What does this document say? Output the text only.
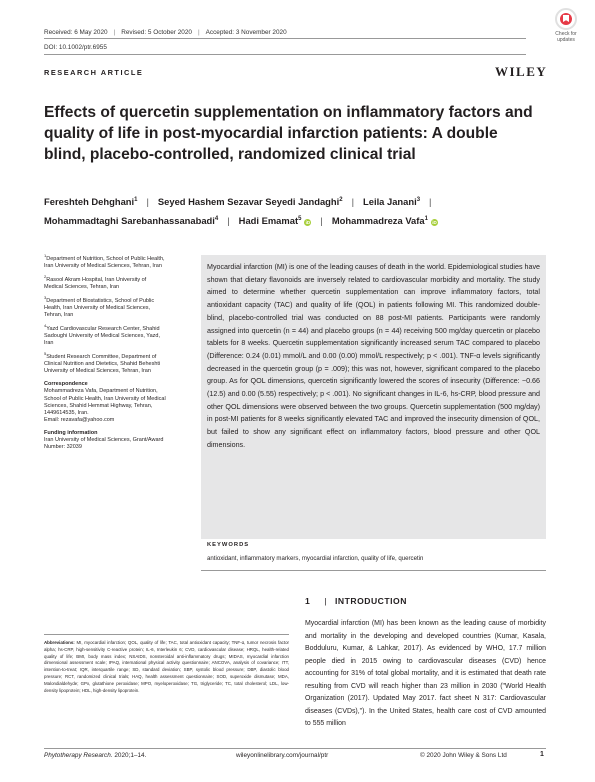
Received: 6 May 2020 | Revised: 5 October 2020 | Accepted: 3 November 2020
DOI: 10.1002/ptr.6955
Check for
updates
RESEARCH ARTICLE	WILEY
Effects of quercetin supplementation on inflammatory factors and quality of life in post-myocardial infarction patients: A double blind, placebo-controlled, randomized clinical trial
Fereshteh Dehghani$^1$ | Seyed Hashem Sezavar Seyedi Jandaghi$^2$ | Leila Janani$^3$ |
Mohammadtaghi Sarebanhassanabadi$^4$ | Hadi Emamat$^5$iD | Mohammadreza Vafa$^1$iD
$^1$Department of Nutrition, School of Public Health, Iran University of Medical Sciences, Tehran, Iran
$^2$Rasool Akram Hospital, Iran University of Medical Sciences, Tehran, Iran
$^3$Department of Biostatistics, School of Public Health, Iran University of Medical Sciences, Tehran, Iran
$^4$Yazd Cardiovascular Research Center, Shahid Sadoughi University of Medical Sciences, Yazd, Iran
$^5$Student Research Committee, Department of Clinical Nutrition and Dietetics, Shahid Beheshti University of Medical Sciences, Tehran, Iran
Correspondence
Mohammadreza Vafa, Department of Nutrition, School of Public Health, Iran University of Medical Sciences, Shahid Hemmat Highway, Tehran, 1449614535, Iran.
Email: rezavafa@yahoo.com
Funding information
Iran University of Medical Sciences, Grant/Award Number: 32039

Myocardial infarction (MI) is one of the leading causes of death in the world. Epidemiological studies have shown that dietary flavonoids are inversely related to cardiovascular morbidity and mortality. The study aimed to determine whether quercetin supplementation can improve inflammatory factors, total antioxidant capacity (TAC) and quality of life (QOL) in patients following MI. This randomized double-blind, placebo-controlled trial was conducted on 88 post-MI patients. Participants were randomly assigned into quercetin (n = 44) and placebo groups (n = 44) receiving 500 mg/day quercetin or placebo tablets for 8 weeks. Quercetin supplementation significantly increased serum TAC compared to placebo (Difference: 0.24 (0.01) mmol/L and 0.00 (0.00) mmol/L respectively; p < .001). TNF-α levels significantly decreased in the quercetin group (p = .009); this was not, however, significant compared to the placebo group. As for QOL dimensions, quercetin significantly lowered the scores of insecurity (Difference: −0.66 (12.5) and 0.00 (5.55) respectively; p < .001). No significant changes in IL-6, hs-CRP, blood pressure and other QOL dimensions were observed between the two groups. Quercetin supplementation (500 mg/day) in post-MI patients for 8 weeks significantly elevated TAC and improved the insecurity dimension of QOL, but failed to show any significant effect on inflammatory factors, blood pressure and other QOL dimensions.

KEYWORDS
antioxidant, inflammatory markers, myocardial infarction, quality of life, quercetin
1 | INTRODUCTION

Myocardial infarction (MI) has been known as the leading cause of morbidity and mortality in the developing and developed countries (Kumar, Kasala, Bodduluru, Kumar, & Lahkar, 2017). As evidenced by WHO, 17.7 million people died in 2015 owing to cardiovascular diseases (CVD) hence accounting for 31% of total global mortality, and it is estimated that death rate resulting from CVD will reach higher than 23 million in 2030 ("World Health Organization (2017). Updated May 2017. fact sheet N 317: Cardiovascular diseases (CVDs),"). In the United States, health care cost of CVD amounted to 555 million

Abbreviations: MI, myocardial infarction; QOL, quality of life; TAC, total antioxidant capacity; TNF-α, tumor necrosis factor alpha; hs-CRP, high-sensitivity C-reactive protein; IL-6, Interleukin 6; CVD, cardiovascular disease; HRQL, health-related quality of life; BMI, body mass index; NSAIDS, nonsteroidal anti-inflammatory drugs; MIDAS, myocardial infarction dimensional assessment scale; IPAQ, international physical activity questionnaire; ANCOVA, analysis of covariance; ITT, intention-to-treat; IQR, interquartile range; SD, standard deviation; SBP, systolic blood pressure; DBP, diastolic blood pressure; RCT, randomized clinical trials; HAQ, health assessment questionnaire; SOD, superoxide dismutase; MDA, Malondialdehyde; GPx, glutathione peroxidase; MPO, myeloperoxidase; TG, triglyceride; TC, total cholesterol; LDL, low-density lipoprotein; HDL, high-density lipoprotein.

Phytotherapy Research. 2020;1–14.	wileyonlinelibrary.com/journal/ptr	© 2020 John Wiley & Sons Ltd	1
